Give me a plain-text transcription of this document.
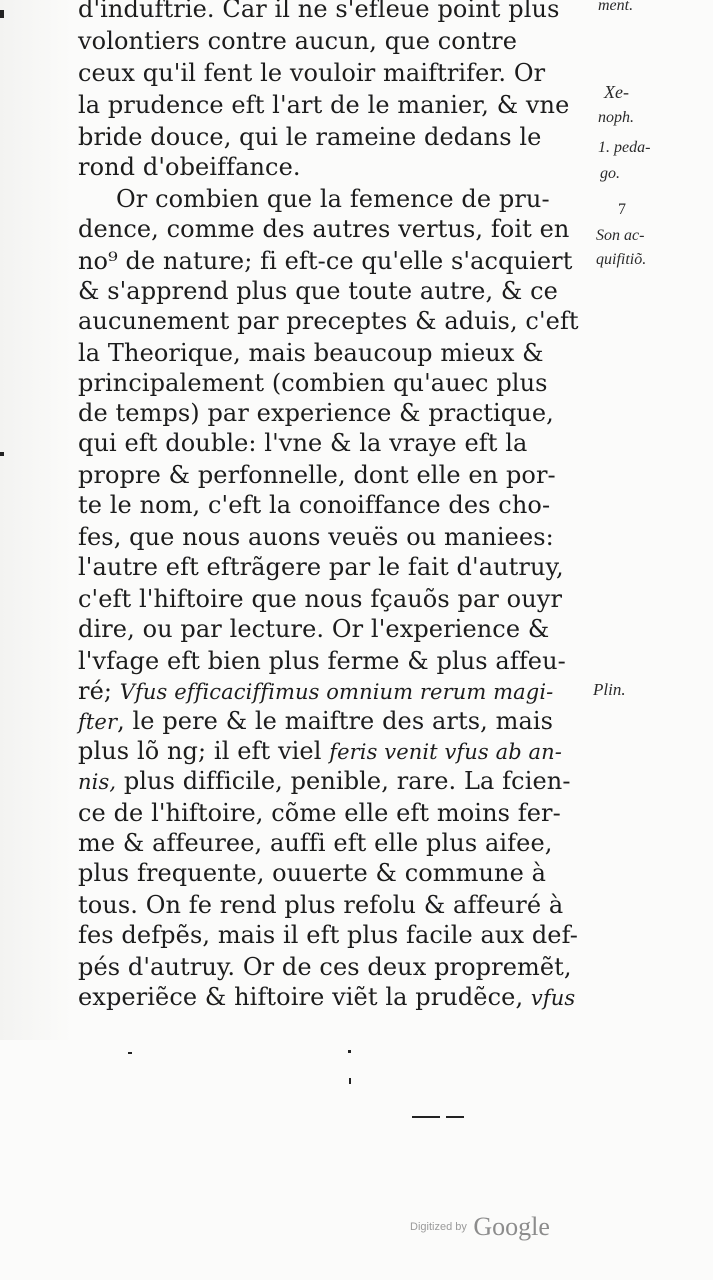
d'induftrie. Car il ne s'efleue point plus
volontiers contre aucun, que contre
ceux qu'il fent le vouloir maiftrifer. Or
la prudence eft l'art de le manier, & vne
bride douce, qui le rameine dedans le
rond d'obeiffance.
Or combien que la femence de pru-
dence, comme des autres vertus, foit en
no⁹ de nature; fi eft-ce qu'elle s'acquiert
& s'apprend plus que toute autre, & ce
aucunement par preceptes & aduis, c'eft
la Theorique, mais beaucoup mieux &
principalement (combien qu'auec plus
de temps) par experience & practique,
qui eft double: l'vne & la vraye eft la
propre & perfonnelle, dont elle en por-
te le nom, c'eft la conoiffance des cho-
fes, que nous auons veuës ou maniees:
l'autre eft eftrãgere par le fait d'autruy,
c'eft l'hiftoire que nous fçauõs par ouyr
dire, ou par lecture. Or l'experience &
l'vfage eft bien plus ferme & plus affeu-
ré; Vfus efficaciffimus omnium rerum magi-
fter, le pere & le maiftre des arts, mais
plus lõ ng; il eft viel feris venit vfus ab an-
nis, plus difficile, penible, rare. La fcien-
ce de l'hiftoire, cõme elle eft moins fer-
me & affeuree, auffi eft elle plus aifee,
plus frequente, ouuerte & commune à
tous. On fe rend plus refolu & affeuré à
fes defpẽs, mais il eft plus facile aux def-
pés d'autruy. Or de ces deux propremẽt,
experiẽce & hiftoire viẽt la prudẽce, vfus
ment.
Xe-
noph.
1. peda-
go.
7
Son ac-
quifitiõ.
Plin.
Digitized by Google
